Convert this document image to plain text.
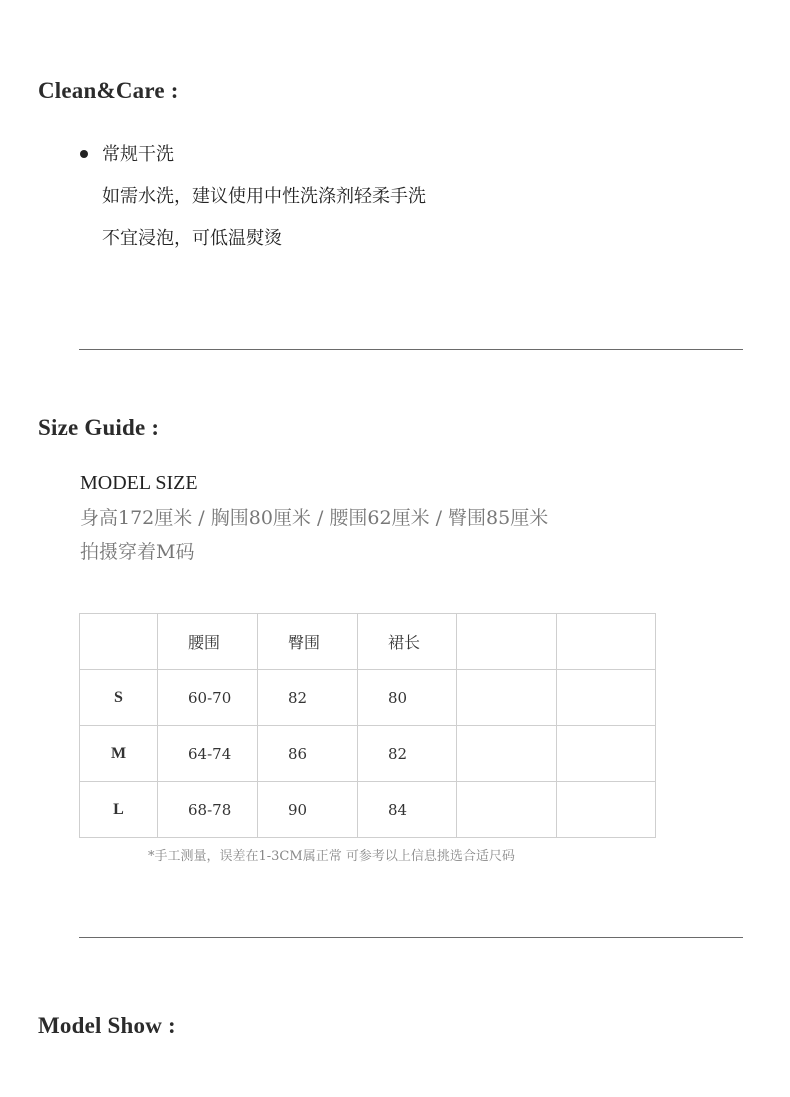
Clean&Care :
常规干洗
如需水洗，建议使用中性洗涤剂轻柔手洗
不宜浸泡，可低温熨烫
Size Guide :
MODEL SIZE
身高172厘米 / 胸围80厘米 / 腰围62厘米 / 臀围85厘米
拍摄穿着M码
	腰围	臀围	裙长		
S	60-70	82	80		
M	64-74	86	82		
L	68-78	90	84		
*手工测量，误差在1-3CM属正常 可参考以上信息挑选合适尺码
Model Show :
